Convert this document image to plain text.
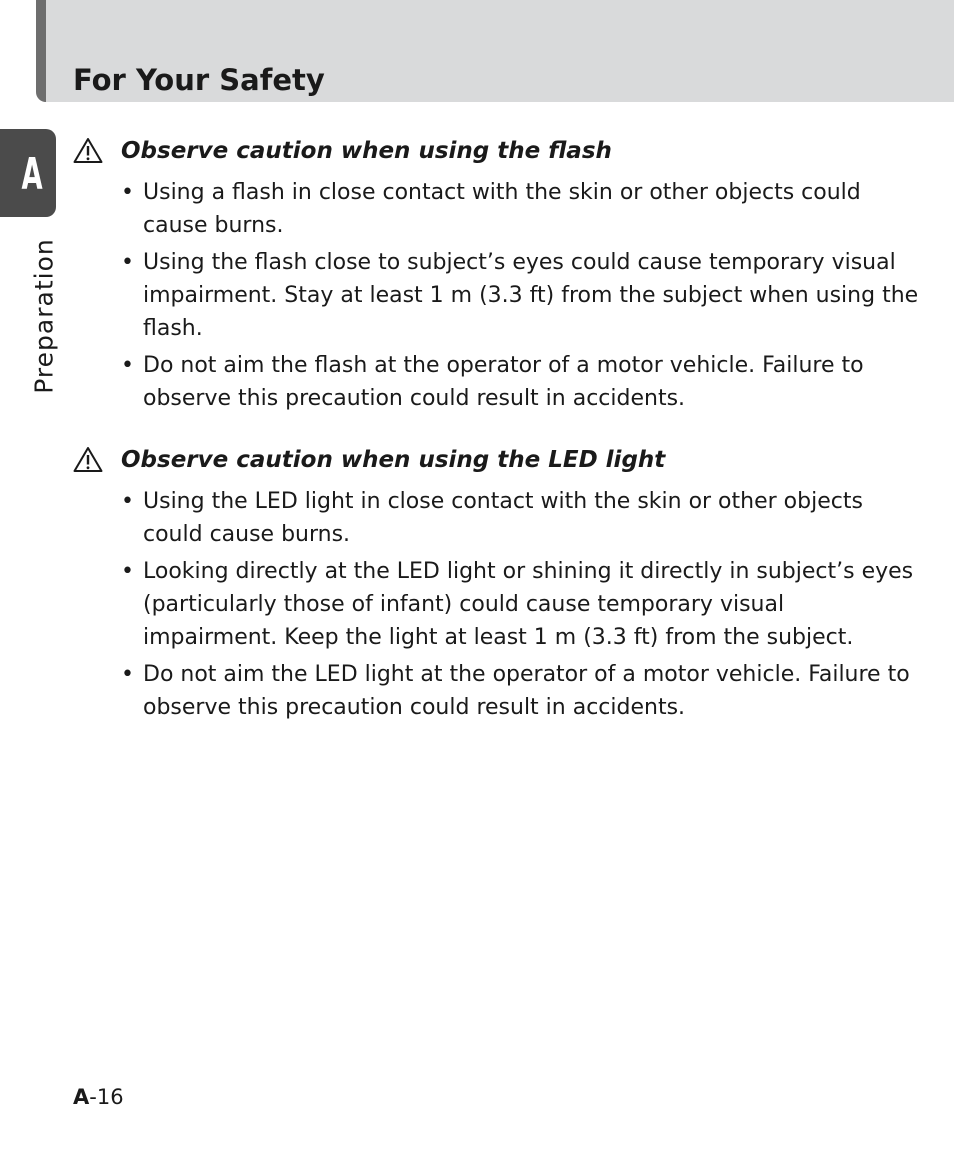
For Your Safety
A
Preparation
Observe caution when using the flash
• Using a flash in close contact with the skin or other objects could cause burns.
• Using the flash close to subject’s eyes could cause temporary visual impairment. Stay at least 1 m (3.3 ft) from the subject when using the flash.
• Do not aim the flash at the operator of a motor vehicle. Failure to observe this precaution could result in accidents.
Observe caution when using the LED light
• Using the LED light in close contact with the skin or other objects could cause burns.
• Looking directly at the LED light or shining it directly in subject’s eyes (particularly those of infant) could cause temporary visual impairment. Keep the light at least 1 m (3.3 ft) from the subject.
• Do not aim the LED light at the operator of a motor vehicle. Failure to observe this precaution could result in accidents.
A-16
